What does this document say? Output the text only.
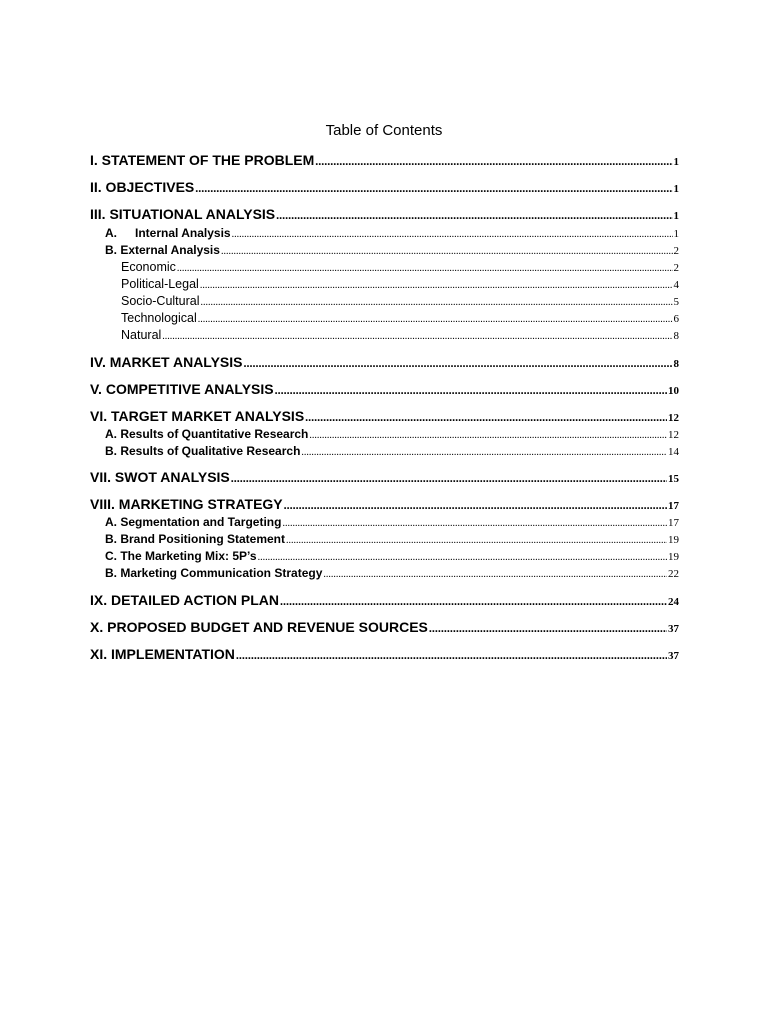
Table of Contents
I. STATEMENT OF THE PROBLEM .....	1
II. OBJECTIVES .....	1
III. SITUATIONAL ANALYSIS .....	1
A. Internal Analysis .....	1
B. External Analysis .....	2
Economic .....	2
Political-Legal .....	4
Socio-Cultural .....	5
Technological .....	6
Natural .....	8
IV. MARKET ANALYSIS .....	8
V. COMPETITIVE ANALYSIS .....	10
VI. TARGET MARKET ANALYSIS .....	12
A. Results of Quantitative Research .....	12
B. Results of Qualitative Research .....	14
VII. SWOT ANALYSIS .....	15
VIII. MARKETING STRATEGY .....	17
A. Segmentation and Targeting .....	17
B. Brand Positioning Statement .....	19
C. The Marketing Mix: 5P’s .....	19
B. Marketing Communication Strategy .....	22
IX. DETAILED ACTION PLAN .....	24
X. PROPOSED BUDGET AND REVENUE SOURCES .....	37
XI. IMPLEMENTATION .....	37
